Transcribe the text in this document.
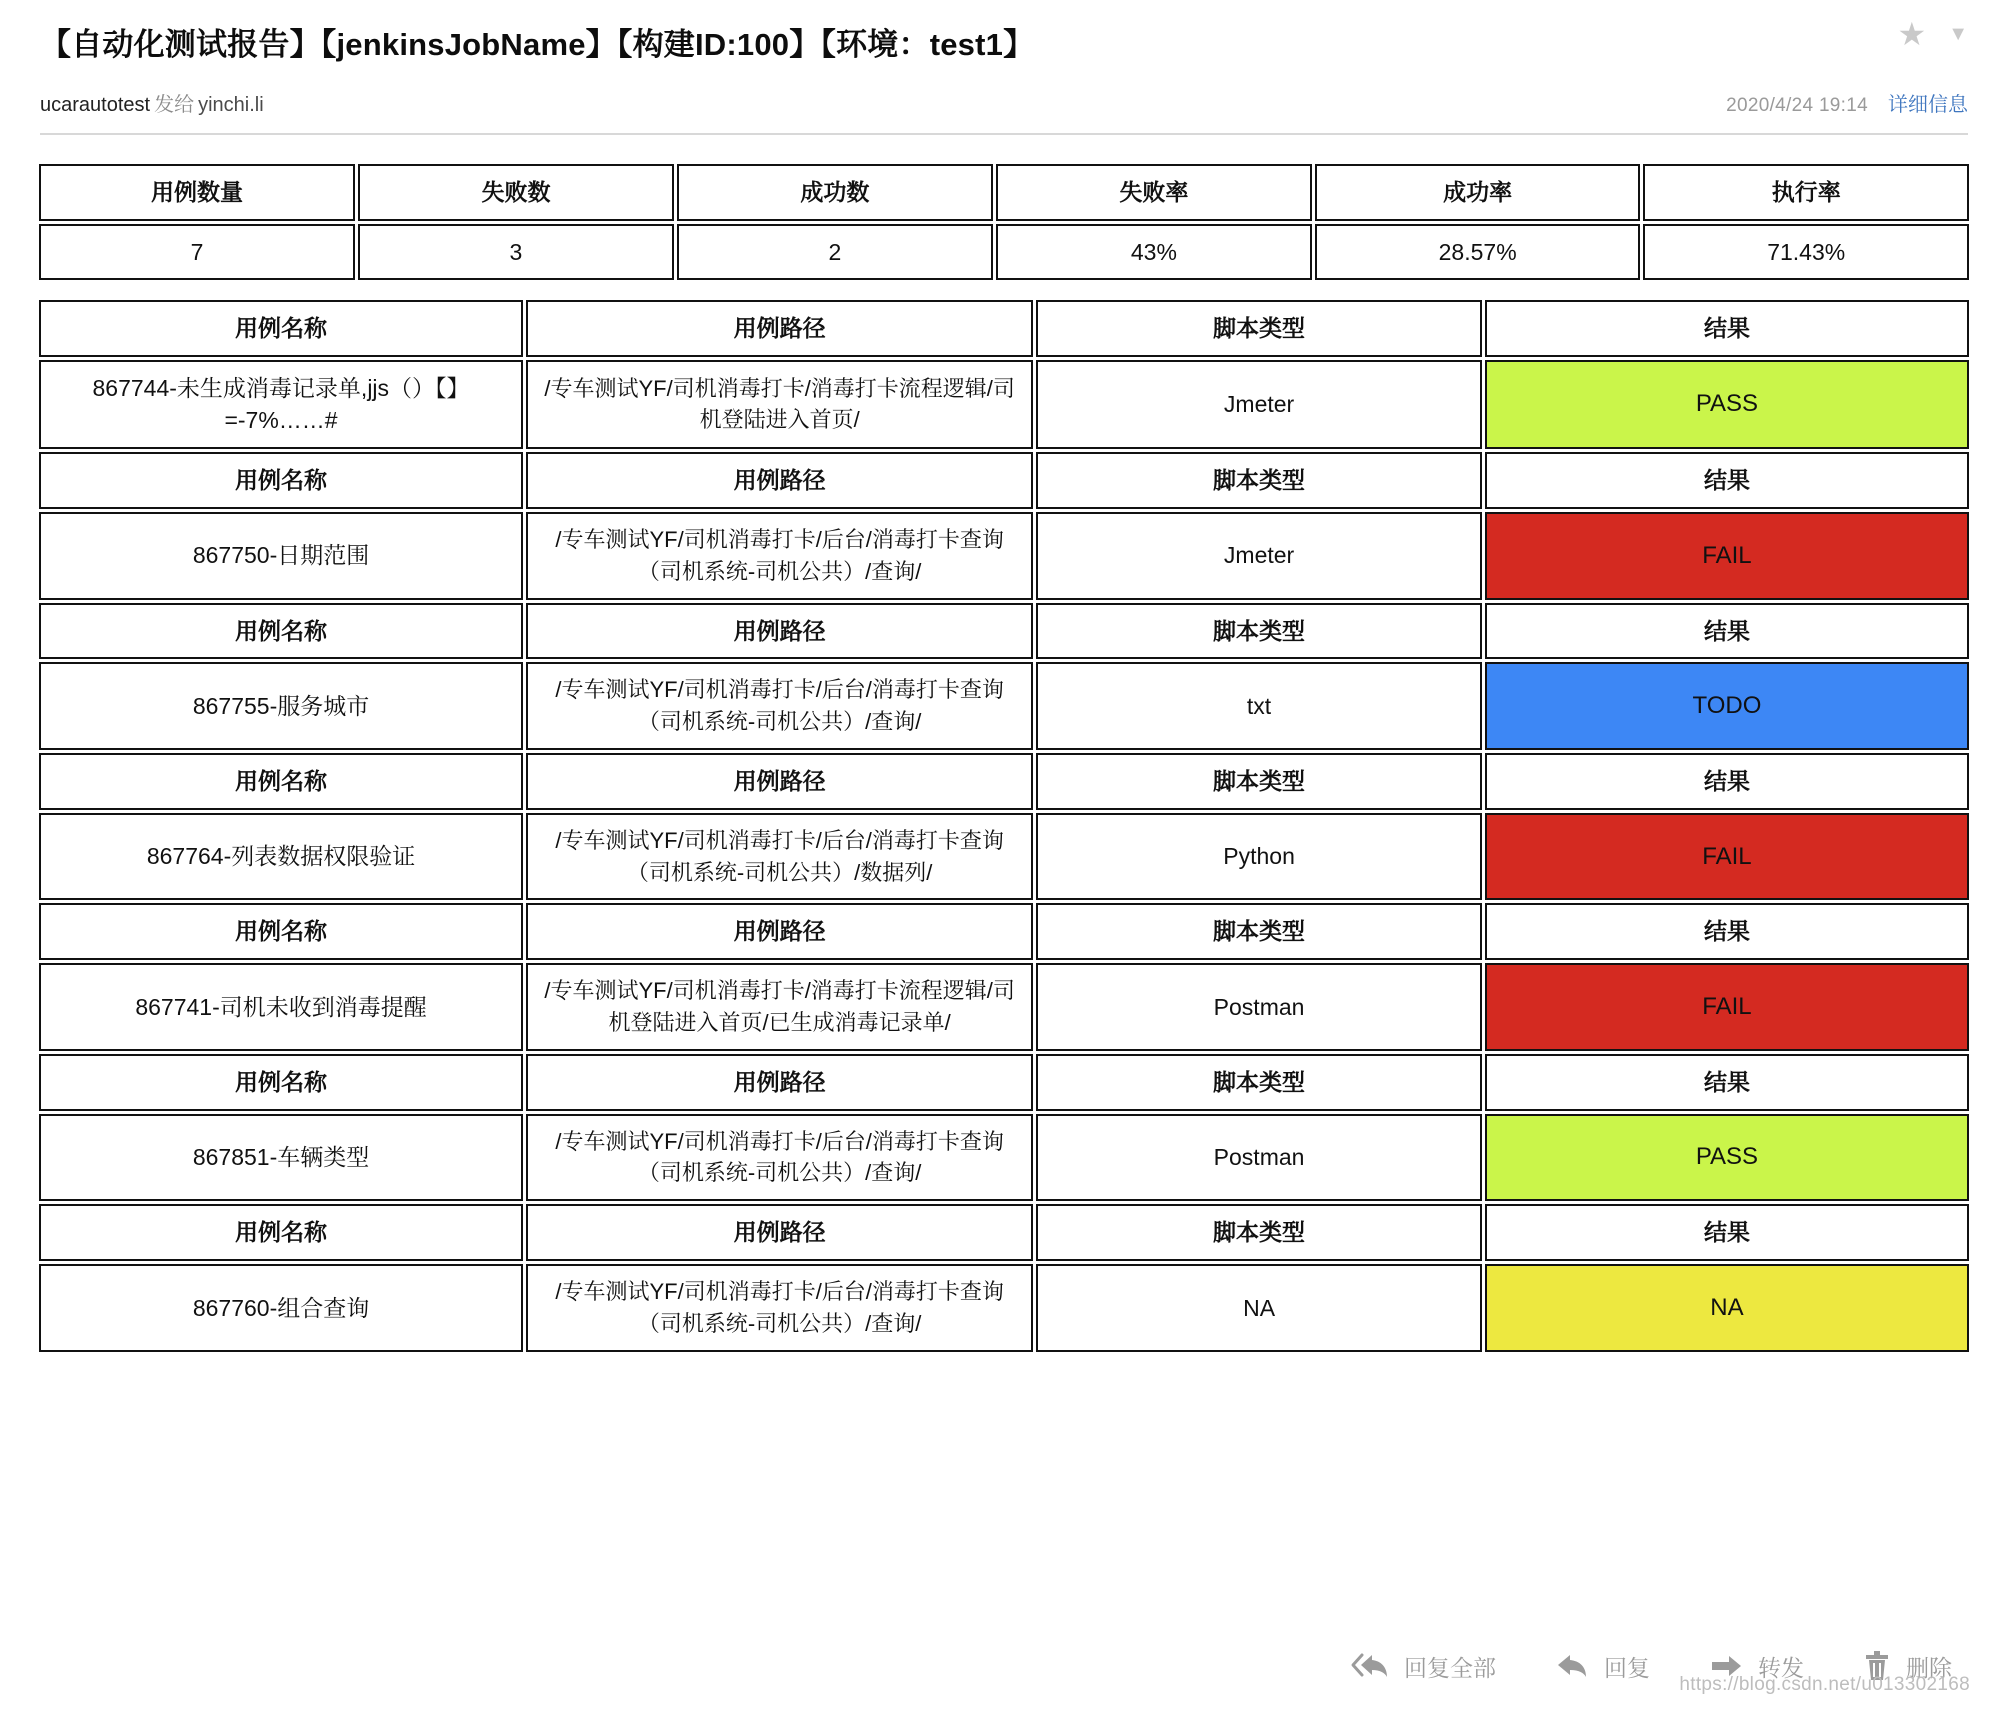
★ ▼
【自动化测试报告】【jenkinsJobName】【构建ID:100】【环境：test1】
ucarautotest 发给 yinchi.li	2020/4/24 19:14 详细信息
用例数量	失败数	成功数	失败率	成功率	执行率
7	3	2	43%	28.57%	71.43%
用例名称	用例路径	脚本类型	结果
867744-未生成消毒记录单,jjs（）【】=-7%……#	/专车测试YF/司机消毒打卡/消毒打卡流程逻辑/司机登陆进入首页/	Jmeter	PASS
用例名称	用例路径	脚本类型	结果
867750-日期范围	/专车测试YF/司机消毒打卡/后台/消毒打卡查询（司机系统-司机公共）/查询/	Jmeter	FAIL
用例名称	用例路径	脚本类型	结果
867755-服务城市	/专车测试YF/司机消毒打卡/后台/消毒打卡查询（司机系统-司机公共）/查询/	txt	TODO
用例名称	用例路径	脚本类型	结果
867764-列表数据权限验证	/专车测试YF/司机消毒打卡/后台/消毒打卡查询（司机系统-司机公共）/数据列/	Python	FAIL
用例名称	用例路径	脚本类型	结果
867741-司机未收到消毒提醒	/专车测试YF/司机消毒打卡/消毒打卡流程逻辑/司机登陆进入首页/已生成消毒记录单/	Postman	FAIL
用例名称	用例路径	脚本类型	结果
867851-车辆类型	/专车测试YF/司机消毒打卡/后台/消毒打卡查询（司机系统-司机公共）/查询/	Postman	PASS
用例名称	用例路径	脚本类型	结果
867760-组合查询	/专车测试YF/司机消毒打卡/后台/消毒打卡查询（司机系统-司机公共）/查询/	NA	NA
回复全部	回复	转发	删除
https://blog.csdn.net/u013302168
